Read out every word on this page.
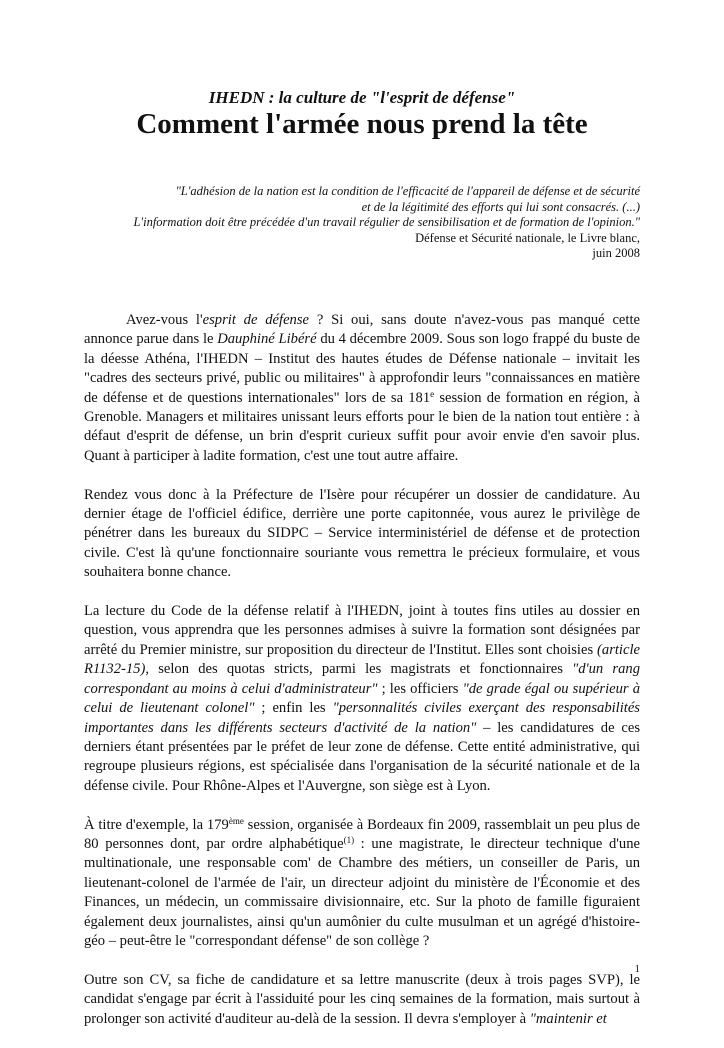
IHEDN : la culture de "l'esprit de défense"
Comment l'armée nous prend la tête
"L'adhésion de la nation est la condition de l'efficacité de l'appareil de défense et de sécurité
et de la légitimité des efforts qui lui sont consacrés. (...)
L'information doit être précédée d'un travail régulier de sensibilisation et de formation de l'opinion."
Défense et Sécurité nationale, le Livre blanc,
juin 2008

Avez-vous l'esprit de défense ? Si oui, sans doute n'avez-vous pas manqué cette annonce parue dans le Dauphiné Libéré du 4 décembre 2009. Sous son logo frappé du buste de la déesse Athéna, l'IHEDN – Institut des hautes études de Défense nationale – invitait les "cadres des secteurs privé, public ou militaires" à approfondir leurs "connaissances en matière de défense et de questions internationales" lors de sa 181e session de formation en région, à Grenoble. Managers et militaires unissant leurs efforts pour le bien de la nation tout entière : à défaut d'esprit de défense, un brin d'esprit curieux suffit pour avoir envie d'en savoir plus. Quant à participer à ladite formation, c'est une tout autre affaire.

Rendez vous donc à la Préfecture de l'Isère pour récupérer un dossier de candidature. Au dernier étage de l'officiel édifice, derrière une porte capitonnée, vous aurez le privilège de pénétrer dans les bureaux du SIDPC – Service interministériel de défense et de protection civile. C'est là qu'une fonctionnaire souriante vous remettra le précieux formulaire, et vous souhaitera bonne chance.

La lecture du Code de la défense relatif à l'IHEDN, joint à toutes fins utiles au dossier en question, vous apprendra que les personnes admises à suivre la formation sont désignées par arrêté du Premier ministre, sur proposition du directeur de l'Institut. Elles sont choisies (article R1132-15), selon des quotas stricts, parmi les magistrats et fonctionnaires "d'un rang correspondant au moins à celui d'administrateur" ; les officiers "de grade égal ou supérieur à celui de lieutenant colonel" ; enfin les "personnalités civiles exerçant des responsabilités importantes dans les différents secteurs d'activité de la nation" – les candidatures de ces derniers étant présentées par le préfet de leur zone de défense. Cette entité administrative, qui regroupe plusieurs régions, est spécialisée dans l'organisation de la sécurité nationale et de la défense civile. Pour Rhône-Alpes et l'Auvergne, son siège est à Lyon.

À titre d'exemple, la 179ème session, organisée à Bordeaux fin 2009, rassemblait un peu plus de 80 personnes dont, par ordre alphabétique$^{(1)}$ : une magistrate, le directeur technique d'une multinationale, une responsable com' de Chambre des métiers, un conseiller de Paris, un lieutenant-colonel de l'armée de l'air, un directeur adjoint du ministère de l'Économie et des Finances, un médecin, un commissaire divisionnaire, etc. Sur la photo de famille figuraient également deux journalistes, ainsi qu'un aumônier du culte musulman et un agrégé d'histoire-géo – peut-être le "correspondant défense" de son collège ?

Outre son CV, sa fiche de candidature et sa lettre manuscrite (deux à trois pages SVP), le candidat s'engage par écrit à l'assiduité pour les cinq semaines de la formation, mais surtout à prolonger son activité d'auditeur au-delà de la session. Il devra s'employer à "maintenir et

1
